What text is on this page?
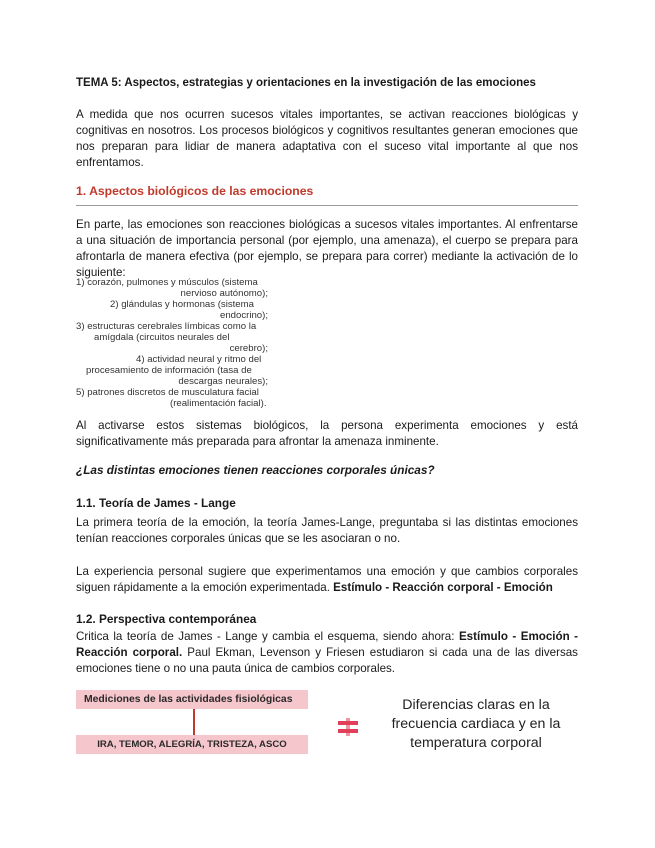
TEMA 5: Aspectos, estrategias y orientaciones en la investigación de las emociones

A medida que nos ocurren sucesos vitales importantes, se activan reacciones biológicas y cognitivas en nosotros. Los procesos biológicos y cognitivos resultantes generan emociones que nos preparan para lidiar de manera adaptativa con el suceso vital importante al que nos enfrentamos.

1. Aspectos biológicos de las emociones

En parte, las emociones son reacciones biológicas a sucesos vitales importantes. Al enfrentarse a una situación de importancia personal (por ejemplo, una amenaza), el cuerpo se prepara para afrontarla de manera efectiva (por ejemplo, se prepara para correr) mediante la activación de lo siguiente:

1) corazón, pulmones y músculos (sistema
nervioso autónomo);
2) glándulas y hormonas (sistema
endocrino);
3) estructuras cerebrales límbicas como la
amígdala (circuitos neurales del
cerebro);
4) actividad neural y ritmo del
procesamiento de información (tasa de
descargas neurales);
5) patrones discretos de musculatura facial
(realimentación facial).

Al activarse estos sistemas biológicos, la persona experimenta emociones y está significativamente más preparada para afrontar la amenaza inminente.

¿Las distintas emociones tienen reacciones corporales únicas?
1.1. Teoría de James - Lange

La primera teoría de la emoción, la teoría James-Lange, preguntaba si las distintas emociones tenían reacciones corporales únicas que se les asociaran o no.

La experiencia personal sugiere que experimentamos una emoción y que cambios corporales siguen rápidamente a la emoción experimentada. Estímulo - Reacción corporal - Emoción

1.2. Perspectiva contemporánea

Critica la teoría de James - Lange y cambia el esquema, siendo ahora: Estímulo - Emoción - Reacción corporal. Paul Ekman, Levenson y Friesen estudiaron si cada una de las diversas emociones tiene o no una pauta única de cambios corporales.

Mediciones de las actividades fisiológicas
IRA, TEMOR, ALEGRÍA, TRISTEZA, ASCO
Diferencias claras en la frecuencia cardiaca y en la temperatura corporal
